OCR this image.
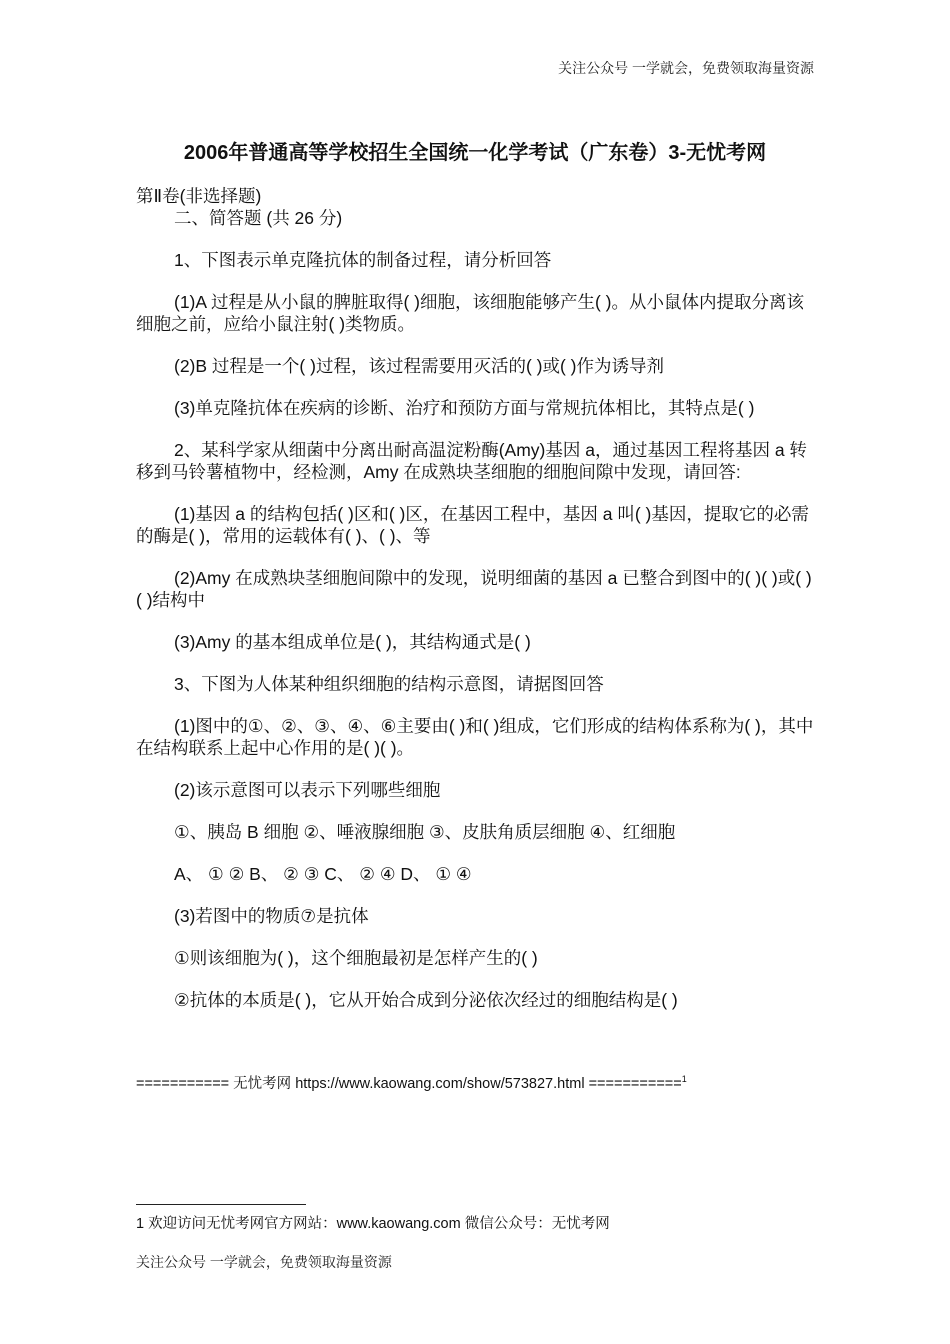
关注公众号 一学就会，免费领取海量资源
2006年普通高等学校招生全国统一化学考试（广东卷）3-无忧考网

第Ⅱ卷(非选择题)

二、简答题 (共 26 分)

1、下图表示单克隆抗体的制备过程，请分析回答

(1)A 过程是从小鼠的脾脏取得( )细胞，该细胞能够产生( )。从小鼠体内提取分离该细胞之前，应给小鼠注射( )类物质。

(2)B 过程是一个( )过程，该过程需要用灭活的( )或( )作为诱导剂

(3)单克隆抗体在疾病的诊断、治疗和预防方面与常规抗体相比，其特点是( )

2、某科学家从细菌中分离出耐高温淀粉酶(Amy)基因 a，通过基因工程将基因 a 转移到马铃薯植物中，经检测，Amy 在成熟块茎细胞的细胞间隙中发现，请回答:

(1)基因 a 的结构包括( )区和( )区，在基因工程中，基因 a 叫( )基因，提取它的必需的酶是( )，常用的运载体有( )、( )、等

(2)Amy 在成熟块茎细胞间隙中的发现，说明细菌的基因 a 已整合到图中的( )( )或( )( )结构中

(3)Amy 的基本组成单位是( )，其结构通式是( )

3、下图为人体某种组织细胞的结构示意图，请据图回答

(1)图中的①、②、③、④、⑥主要由( )和( )组成，它们形成的结构体系称为( )，其中在结构联系上起中心作用的是( )( )。

(2)该示意图可以表示下列哪些细胞

①、胰岛 B 细胞 ②、唾液腺细胞 ③、皮肤角质层细胞 ④、红细胞

A、 ① ② B、 ② ③ C、 ② ④ D、 ① ④

(3)若图中的物质⑦是抗体

①则该细胞为( )，这个细胞最初是怎样产生的( )

②抗体的本质是( )，它从开始合成到分泌依次经过的细胞结构是( )

=========== 无忧考网 https://www.kaowang.com/show/573827.html ===========$^1$
1 欢迎访问无忧考网官方网站：www.kaowang.com 微信公众号：无忧考网
关注公众号 一学就会，免费领取海量资源
